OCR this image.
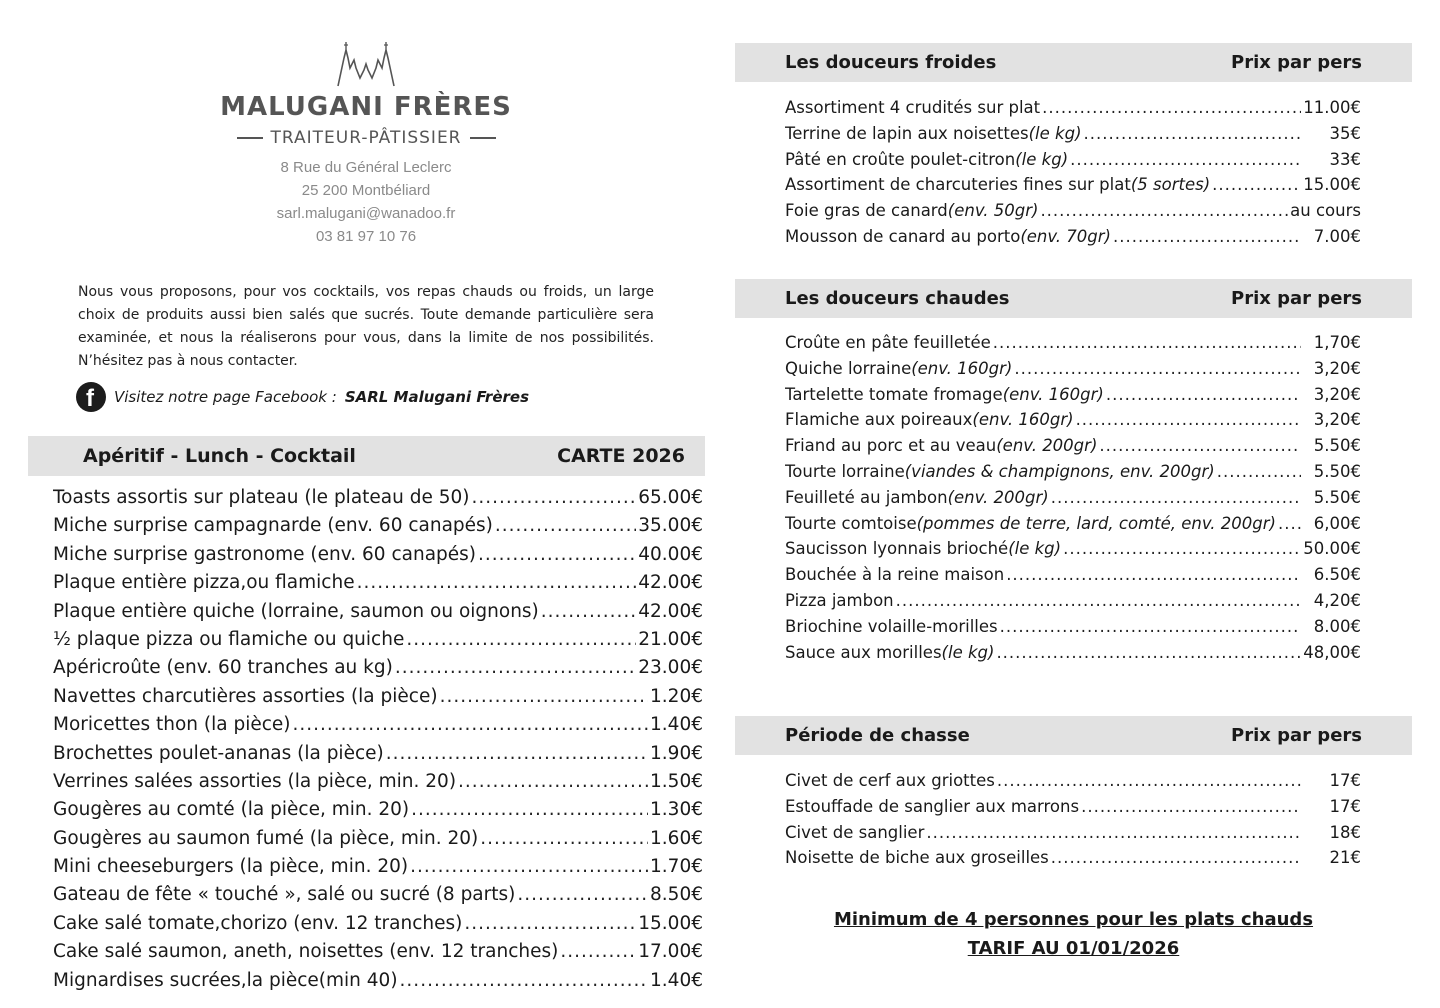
MALUGANI FRÈRES
TRAITEUR-PÂTISSIER
8 Rue du Général Leclerc
25 200 Montbéliard
sarl.malugani@wanadoo.fr
03 81 97 10 76
Nous vous proposons, pour vos cocktails, vos repas chauds ou froids, un large choix de produits aussi bien salés que sucrés. Toute demande particulière sera examinée, et nous la réaliserons pour vous, dans la limite de nos possibilités. N’hésitez pas à nous contacter.
f Visitez notre page Facebook : SARL Malugani Frères
Apéritif - Lunch - Cocktail	CARTE 2026
Toasts assortis sur plateau (le plateau de 50) .....	65.00€
Miche surprise campagnarde (env. 60 canapés) .....	35.00€
Miche surprise gastronome (env. 60 canapés) .....	40.00€
Plaque entière pizza,ou flamiche .....	42.00€
Plaque entière quiche (lorraine, saumon ou oignons) .....	42.00€
½ plaque pizza ou flamiche ou quiche .....	21.00€
Apéricroûte (env. 60 tranches au kg) .....	23.00€
Navettes charcutières assorties (la pièce) .....	1.20€
Moricettes thon (la pièce) .....	1.40€
Brochettes poulet-ananas (la pièce) .....	1.90€
Verrines salées assorties (la pièce, min. 20) .....	1.50€
Gougères au comté (la pièce, min. 20) .....	1.30€
Gougères au saumon fumé (la pièce, min. 20) .....	1.60€
Mini cheeseburgers (la pièce, min. 20) .....	1.70€
Gateau de fête « touché », salé ou sucré (8 parts) .....	8.50€
Cake salé tomate,chorizo (env. 12 tranches) .....	15.00€
Cake salé saumon, aneth, noisettes (env. 12 tranches) .....	17.00€
Mignardises sucrées,la pièce(min 40) .....	1.40€
Les douceurs froides	Prix par pers
Assortiment 4 crudités sur plat .....	11.00€
Terrine de lapin aux noisettes (le kg) .....	35€
Pâté en croûte poulet-citron (le kg) .....	33€
Assortiment de charcuteries fines sur plat (5 sortes) .....	15.00€
Foie gras de canard (env. 50gr) .....	au cours
Mousson de canard au porto (env. 70gr) .....	7.00€
Les douceurs chaudes	Prix par pers
Croûte en pâte feuilletée .....	1,70€
Quiche lorraine (env. 160gr) .....	3,20€
Tartelette tomate fromage (env. 160gr) .....	3,20€
Flamiche aux poireaux (env. 160gr) .....	3,20€
Friand au porc et au veau (env. 200gr) .....	5.50€
Tourte lorraine (viandes & champignons, env. 200gr) .....	5.50€
Feuilleté au jambon (env. 200gr) .....	5.50€
Tourte comtoise (pommes de terre, lard, comté, env. 200gr) .....	6,00€
Saucisson lyonnais brioché (le kg) .....	50.00€
Bouchée à la reine maison .....	6.50€
Pizza jambon .....	4,20€
Briochine volaille-morilles .....	8.00€
Sauce aux morilles (le kg) .....	48,00€
Période de chasse	Prix par pers
Civet de cerf aux griottes .....	17€
Estouffade de sanglier aux marrons .....	17€
Civet de sanglier .....	18€
Noisette de biche aux groseilles .....	21€
Minimum de 4 personnes pour les plats chauds
TARIF AU 01/01/2026
